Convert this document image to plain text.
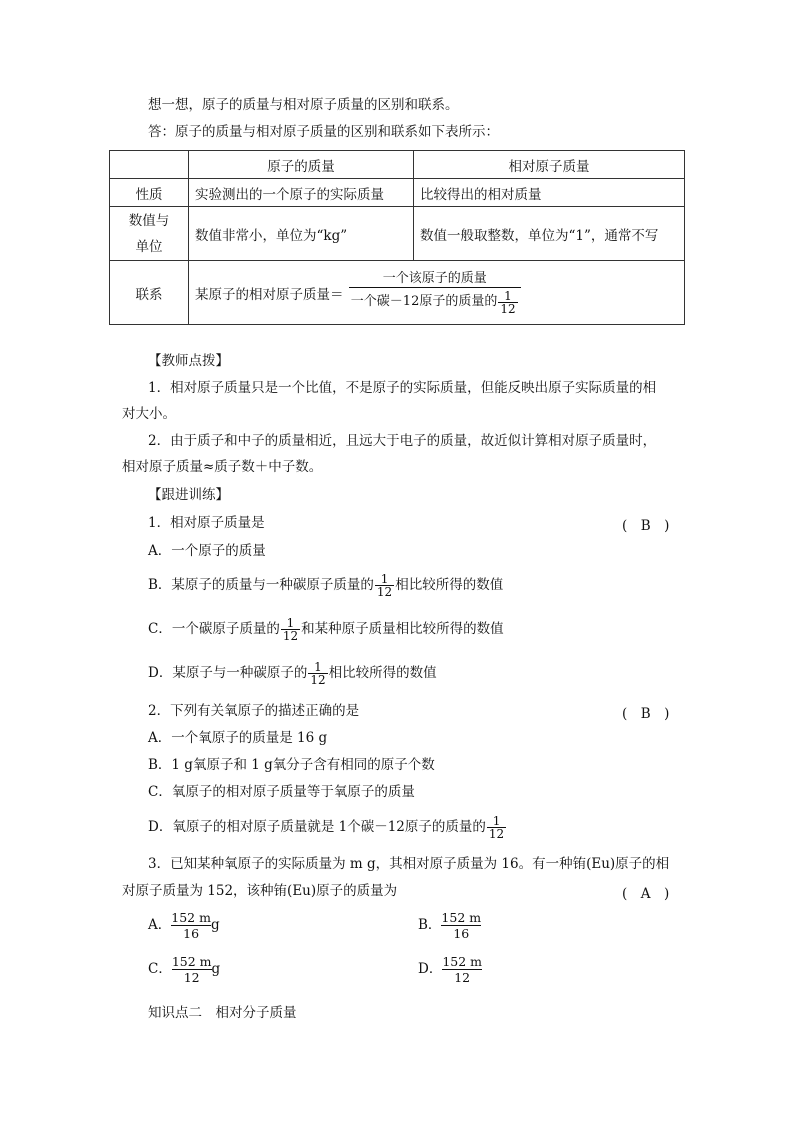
想一想，原子的质量与相对原子质量的区别和联系。
答：原子的质量与相对原子质量的区别和联系如下表所示：
	原子的质量	相对原子质量
性质	实验测出的一个原子的实际质量	比较得出的相对质量
数值与
单位	数值非常小，单位为“kg”	数值一般取整数，单位为“1”，通常不写
联系	某原子的相对原子质量＝ $\frac{\text{一个该原子的质量}}{一个碳-12原子的质量的 \frac{1}{12}}$
【教师点拨】
1．相对原子质量只是一个比值，不是原子的实际质量，但能反映出原子实际质量的相
对大小。
2．由于质子和中子的质量相近，且远大于电子的质量，故近似计算相对原子质量时，
相对原子质量≈质子数＋中子数。
【跟进训练】
1．相对原子质量是	(　B　)
A．一个原子的质量
B．某原子的质量与一种碳原子质量的 $\frac{1}{12}$ 相比较所得的数值
C．一个碳原子质量的 $\frac{1}{12}$ 和某种原子质量相比较所得的数值
D．某原子与一种碳原子的 $\frac{1}{12}$ 相比较所得的数值
2．下列有关氧原子的描述正确的是	(　B　)
A．一个氧原子的质量是 16 g
B．1 g氧原子和 1 g氧分子含有相同的原子个数
C．氧原子的相对原子质量等于氧原子的质量
D．氧原子的相对原子质量就是 1个碳－12原子的质量的 $\frac{1}{12}$
3．已知某种氧原子的实际质量为 m g，其相对原子质量为 16。有一种铕(Eu)原子的相
对原子质量为 152，该种铕(Eu)原子的质量为	(　A　)
A． $\frac{152 m}{16}$ g	B． $\frac{152 m}{16}$
C． $\frac{152 m}{12}$ g	D． $\frac{152 m}{12}$
知识点二　相对分子质量
